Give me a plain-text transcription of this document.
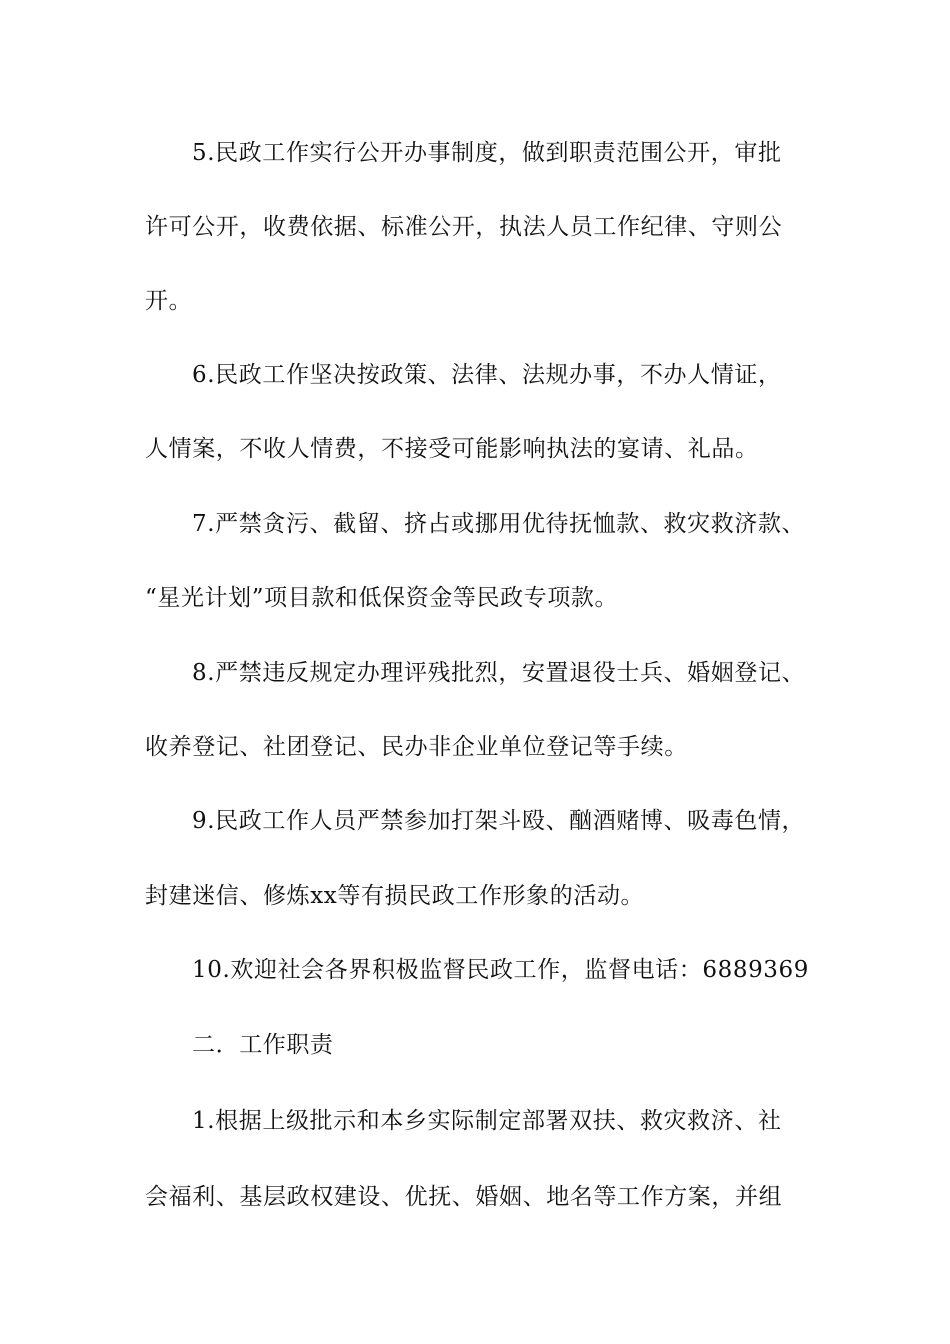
5.民政工作实行公开办事制度，做到职责范围公开，审批
许可公开，收费依据、标准公开，执法人员工作纪律、守则公
开。
6.民政工作坚决按政策、法律、法规办事，不办人情证，
人情案，不收人情费，不接受可能影响执法的宴请、礼品。
7.严禁贪污、截留、挤占或挪用优待抚恤款、救灾救济款、
“星光计划”项目款和低保资金等民政专项款。
8.严禁违反规定办理评残批烈，安置退役士兵、婚姻登记、
收养登记、社团登记、民办非企业单位登记等手续。
9.民政工作人员严禁参加打架斗殴、酗酒赌博、吸毒色情，
封建迷信、修炼xx等有损民政工作形象的活动。
10.欢迎社会各界积极监督民政工作，监督电话：6889369
二．工作职责
1.根据上级批示和本乡实际制定部署双扶、救灾救济、社
会福利、基层政权建设、优抚、婚姻、地名等工作方案，并组
